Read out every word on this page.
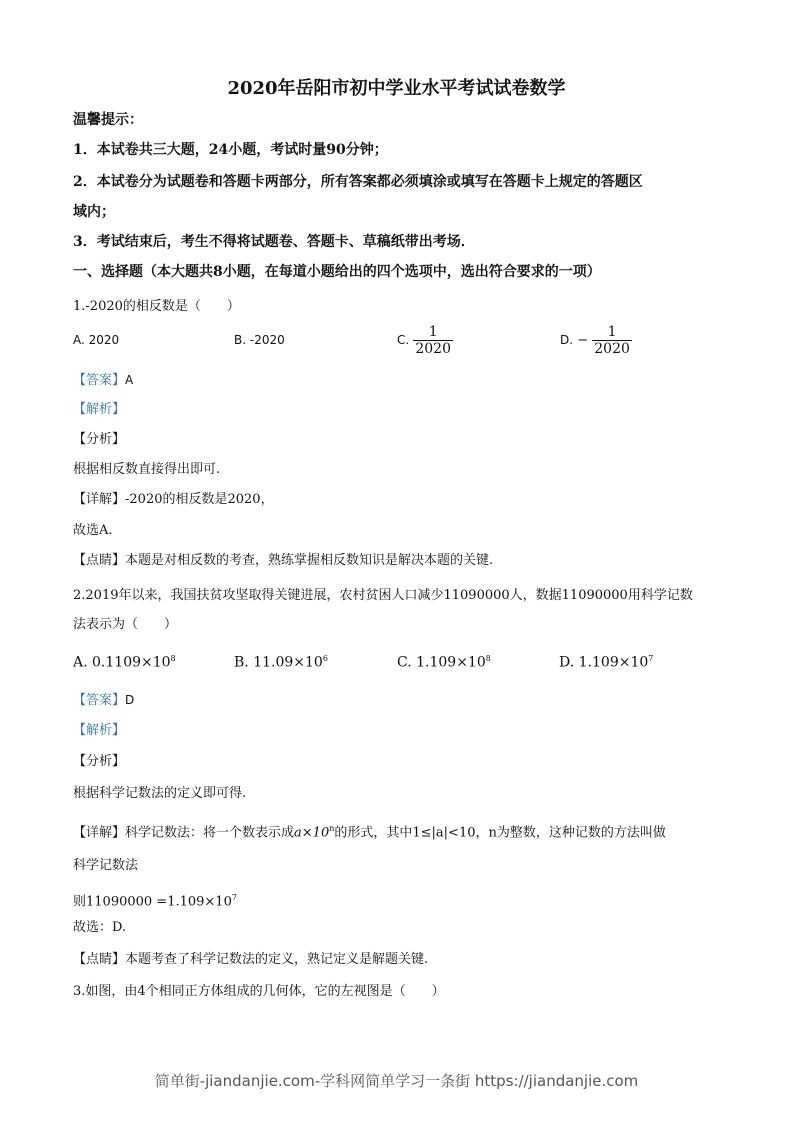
2020年岳阳市初中学业水平考试试卷数学
温馨提示：
1．本试卷共三大题，24小题，考试时量90分钟；
2．本试卷分为试题卷和答题卡两部分，所有答案都必须填涂或填写在答题卡上规定的答题区
域内；
3．考试结束后，考生不得将试题卷、答题卡、草稿纸带出考场．
一、选择题（本大题共8小题，在每道小题给出的四个选项中，选出符合要求的一项）
1.-2020的相反数是（　　）
A. 2020	B. -2020	C. $\frac{1}{2020}$	D. − $\frac{1}{2020}$
【答案】A
【解析】
【分析】
根据相反数直接得出即可.
【详解】-2020的相反数是2020，
故选A.
【点睛】本题是对相反数的考查，熟练掌握相反数知识是解决本题的关键.
2.2019年以来，我国扶贫攻坚取得关键进展，农村贫困人口减少11090000人，数据11090000用科学记数
法表示为（　　）
A. $0.1109\times 10^8$	B. $11.09\times 10^6$	C. $1.109\times 10^8$	D. $1.109\times 10^7$
【答案】D
【解析】
【分析】
根据科学记数法的定义即可得.
【详解】科学记数法：将一个数表示成$a\times 10^n$的形式，其中1≤|a|<10，n为整数，这种记数的方法叫做
科学记数法
则$11090000 =1.109\times 10^7$
故选：D.
【点睛】本题考查了科学记数法的定义，熟记定义是解题关键.
3.如图，由4个相同正方体组成的几何体，它的左视图是（　　）
简单街-jiandanjie.com-学科网简单学习一条街 https://jiandanjie.com
